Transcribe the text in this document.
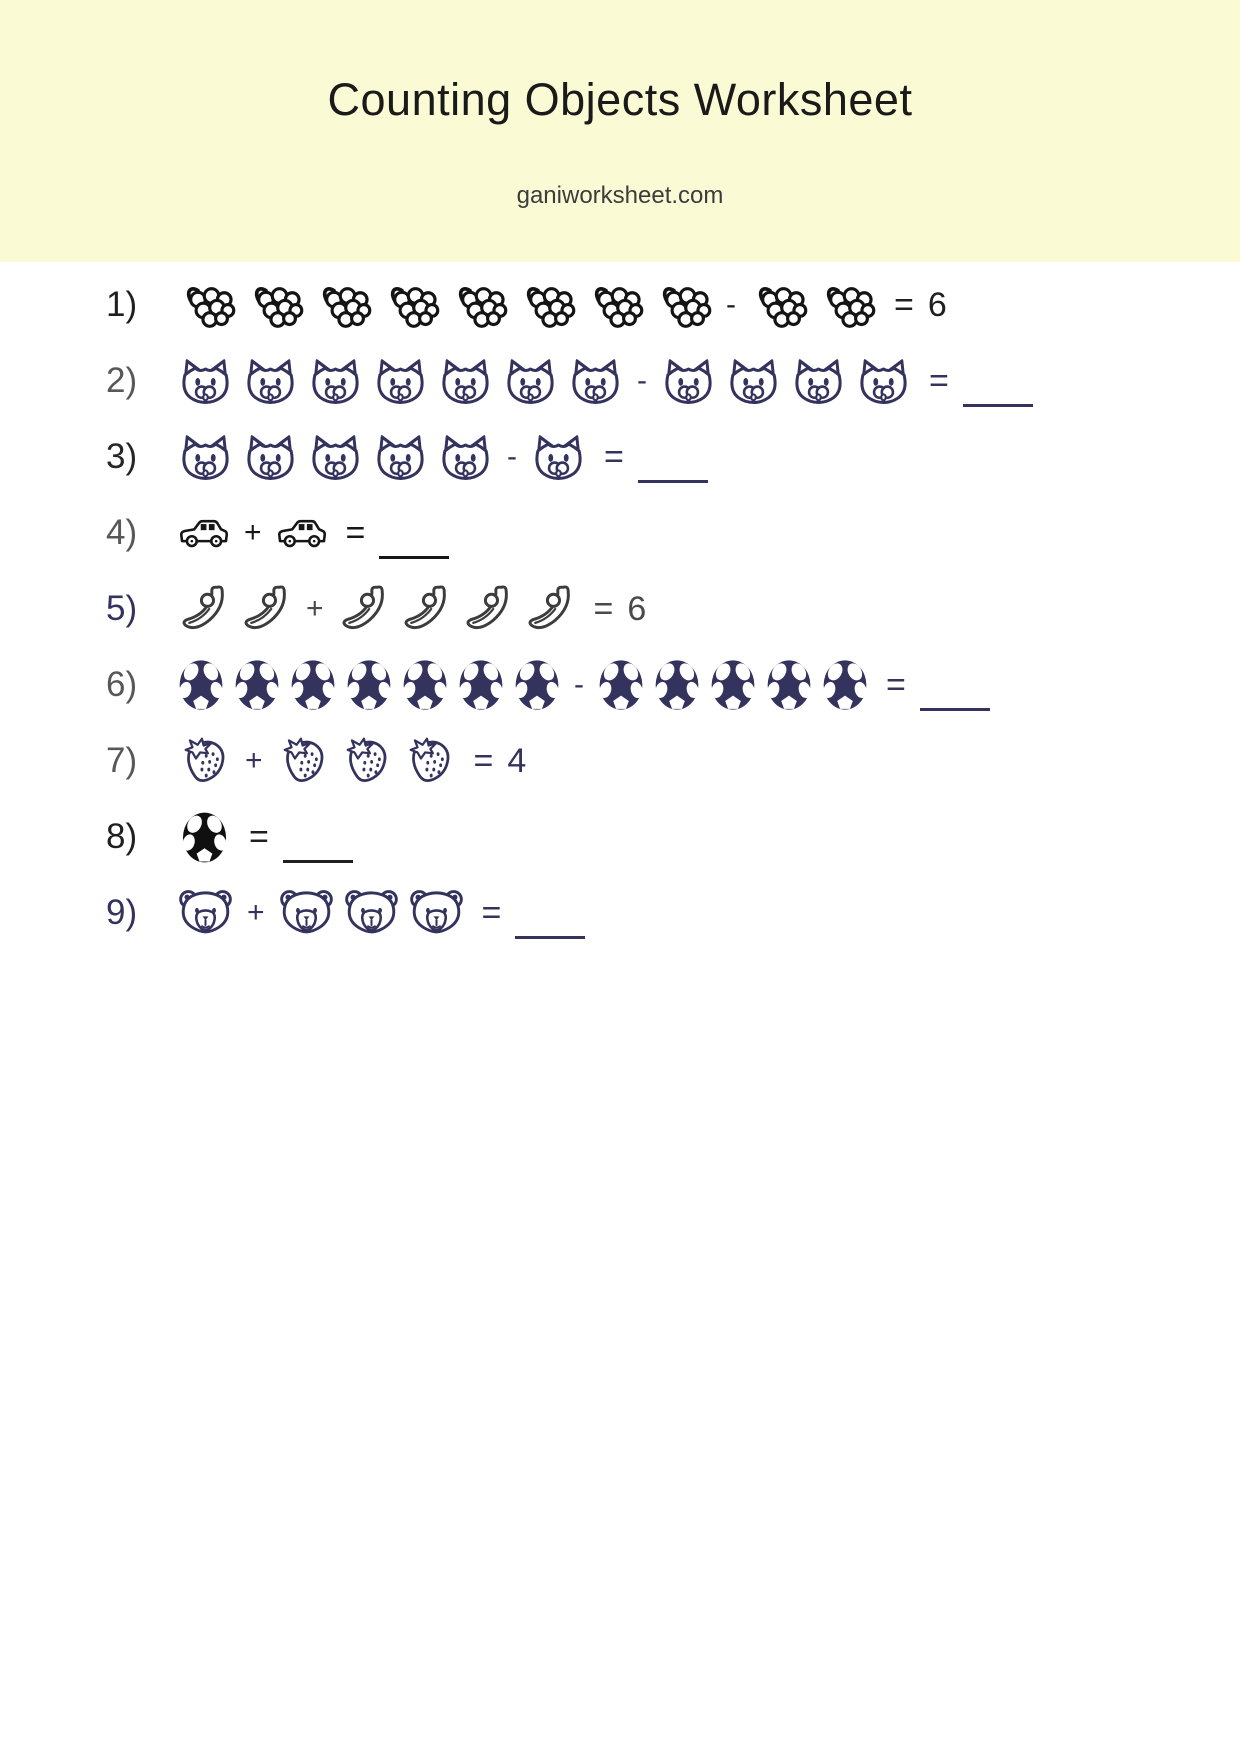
Counting Objects Worksheet
ganiworksheet.com
1)	-	= 6
2)	-	=
3)	-	=
4)	+ =
5)	+	= 6
6)	-	=
7)	+	= 4
8)	=
9)	+	=
